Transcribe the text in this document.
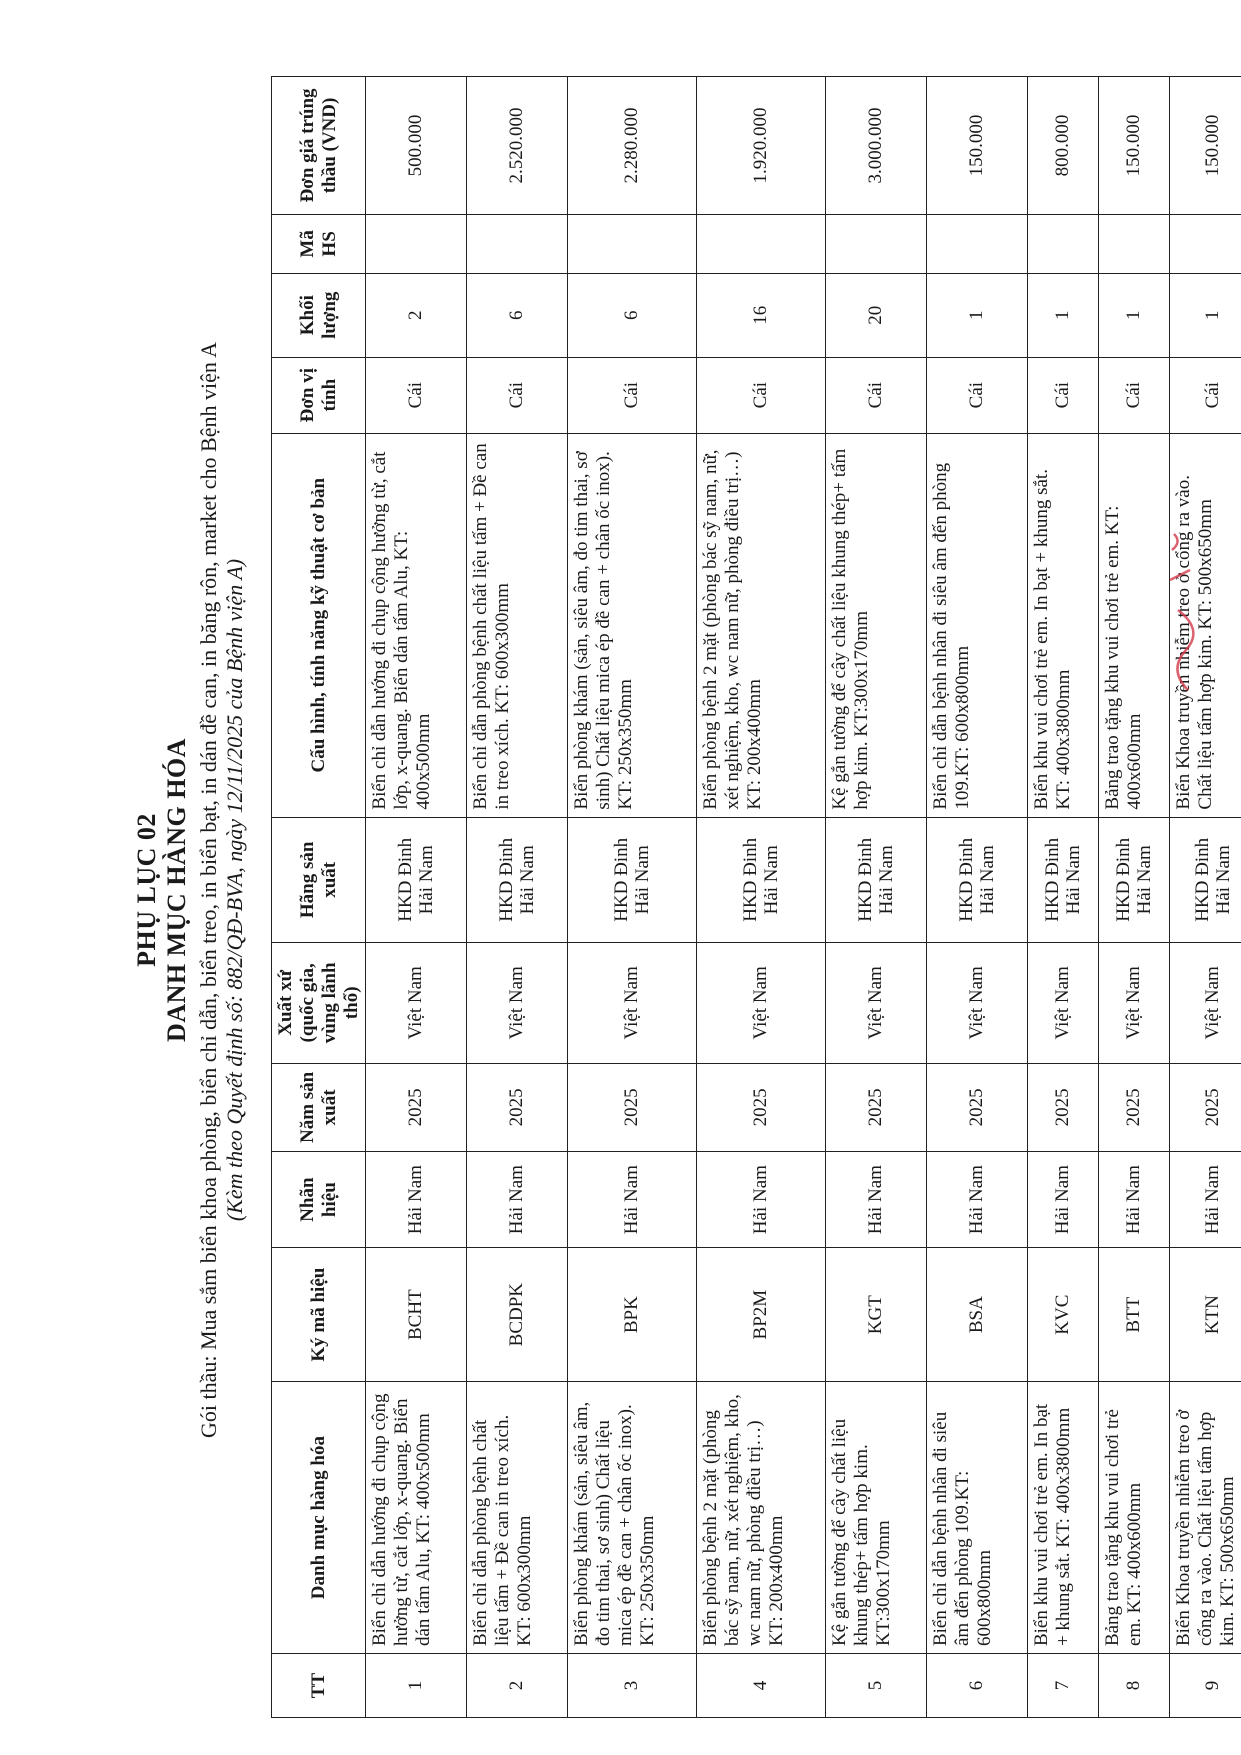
PHỤ LỤC 02 DANH MỤC HÀNG HÓA Gói thầu: Mua sắm biển khoa phòng, biển chỉ dẫn, biển treo, in biển bạt, in dán đề can, in băng rôn, market cho Bệnh viện A (Kèm theo Quyết định số: 882/QĐ-BVA, ngày 12/11/2025 của Bệnh viện A)
TT	Danh mục hàng hóa	Ký mã hiệu	Nhãn hiệu	Năm sản xuất	Xuất xứ (quốc gia, vùng lãnh thổ)	Hãng sản xuất	Cấu hình, tính năng kỹ thuật cơ bản	Đơn vị tính	Khối lượng	Mã HS	Đơn giá trúng thầu (VND)
1	Biển chỉ dẫn hướng đi chụp cộng hưởng từ, cắt lớp, x-quang. Biển dán tấm Alu, KT: 400x500mm	BCHT	Hải Nam	2025	Việt Nam	HKD Đinh Hải Nam	Biển chỉ dẫn hướng đi chụp cộng hưởng từ, cắt lớp, x-quang. Biển dán tấm Alu, KT: 400x500mm	Cái	2		500.000
2	Biển chỉ dẫn phòng bệnh chất liệu tấm + Đề can in treo xích. KT: 600x300mm	BCDPK	Hải Nam	2025	Việt Nam	HKD Đinh Hải Nam	Biển chỉ dẫn phòng bệnh chất liệu tấm + Đề can in treo xích. KT: 600x300mm	Cái	6		2.520.000
3	Biển phòng khám (sản, siêu âm, đo tim thai, sơ sinh) Chất liệu mica ép đề can + chân ốc inox). KT: 250x350mm	BPK	Hải Nam	2025	Việt Nam	HKD Đinh Hải Nam	Biển phòng khám (sản, siêu âm, đo tim thai, sơ sinh) Chất liệu mica ép đề can + chân ốc inox). KT: 250x350mm	Cái	6		2.280.000
4	Biển phòng bệnh 2 mặt (phòng bác sỹ nam, nữ, xét nghiệm, kho, wc nam nữ, phòng điều trị…) KT: 200x400mm	BP2M	Hải Nam	2025	Việt Nam	HKD Đinh Hải Nam	Biển phòng bệnh 2 mặt (phòng bác sỹ nam, nữ, xét nghiệm, kho, wc nam nữ, phòng điều trị…) KT: 200x400mm	Cái	16		1.920.000
5	Kệ gắn tường để cây chất liệu khung thép+ tấm hợp kim. KT:300x170mm	KGT	Hải Nam	2025	Việt Nam	HKD Đinh Hải Nam	Kệ gắn tường để cây chất liệu khung thép+ tấm hợp kim. KT:300x170mm	Cái	20		3.000.000
6	Biển chỉ dẫn bệnh nhân đi siêu âm đến phòng 109.KT: 600x800mm	BSA	Hải Nam	2025	Việt Nam	HKD Đinh Hải Nam	Biển chỉ dẫn bệnh nhân đi siêu âm đến phòng 109.KT: 600x800mm	Cái	1		150.000
7	Biển khu vui chơi trẻ em. In bạt + khung sắt. KT: 400x3800mm	KVC	Hải Nam	2025	Việt Nam	HKD Đinh Hải Nam	Biển khu vui chơi trẻ em. In bạt + khung sắt. KT: 400x3800mm	Cái	1		800.000
8	Bảng trao tặng khu vui chơi trẻ em. KT: 400x600mm	BTT	Hải Nam	2025	Việt Nam	HKD Đinh Hải Nam	Bảng trao tặng khu vui chơi trẻ em. KT: 400x600mm	Cái	1		150.000
9	Biển Khoa truyền nhiễm treo ở cổng ra vào. Chất liệu tấm hợp kim. KT: 500x650mm	KTN	Hải Nam	2025	Việt Nam	HKD Đinh Hải Nam	Biển Khoa truyền nhiễm treo ở cổng ra vào. Chất liệu tấm hợp kim. KT: 500x650mm	Cái	1		150.000
